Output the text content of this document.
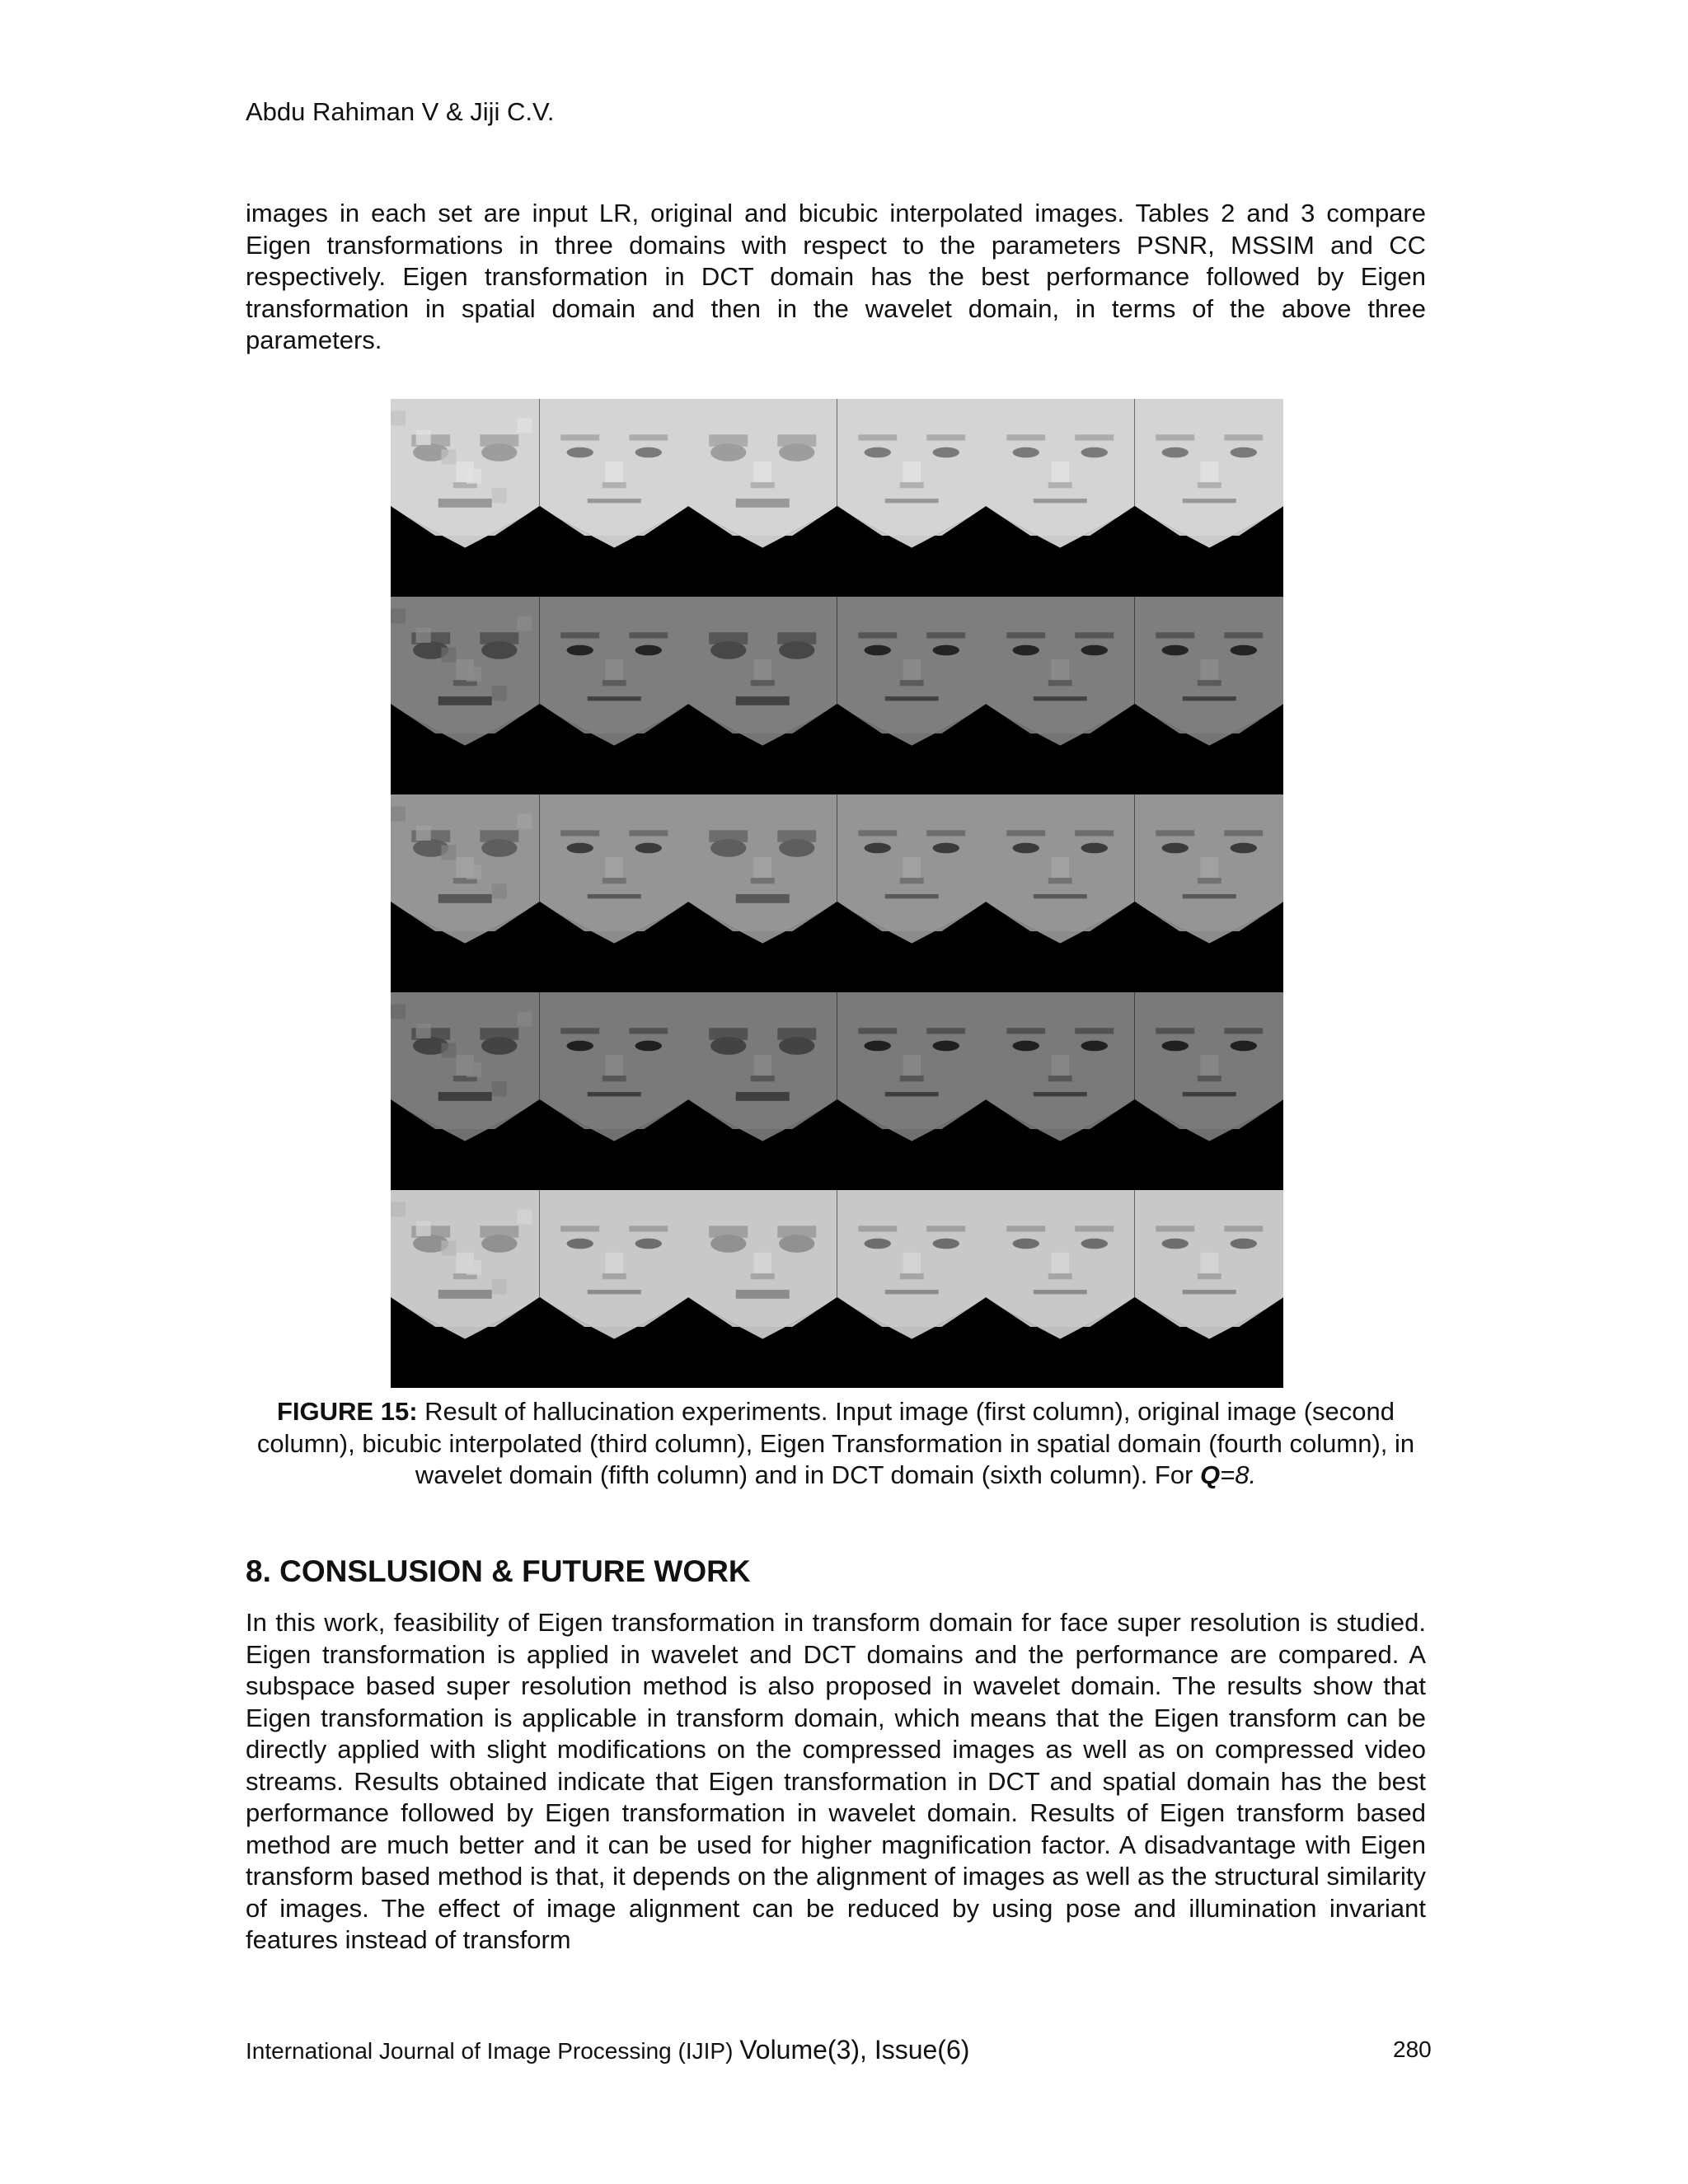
Abdu Rahiman V & Jiji C.V.

images in each set are input LR, original and bicubic interpolated images. Tables 2 and 3 compare Eigen transformations in three domains with respect to the parameters PSNR, MSSIM and CC respectively. Eigen transformation in DCT domain has the best performance followed by Eigen transformation in spatial domain and then in the wavelet domain, in terms of the above three parameters.

FIGURE 15: Result of hallucination experiments. Input image (first column), original image (second column), bicubic interpolated (third column), Eigen Transformation in spatial domain (fourth column), in wavelet domain (fifth column) and in DCT domain (sixth column). For Q=8.

8. CONSLUSION & FUTURE WORK

In this work, feasibility of Eigen transformation in transform domain for face super resolution is studied. Eigen transformation is applied in wavelet and DCT domains and the performance are compared. A subspace based super resolution method is also proposed in wavelet domain. The results show that Eigen transformation is applicable in transform domain, which means that the Eigen transform can be directly applied with slight modifications on the compressed images as well as on compressed video streams. Results obtained indicate that Eigen transformation in DCT and spatial domain has the best performance followed by Eigen transformation in wavelet domain. Results of Eigen transform based method are much better and it can be used for higher magnification factor. A disadvantage with Eigen transform based method is that, it depends on the alignment of images as well as the structural similarity of images. The effect of image alignment can be reduced by using pose and illumination invariant features instead of transform

International Journal of Image Processing (IJIP) Volume(3), Issue(6)	280
